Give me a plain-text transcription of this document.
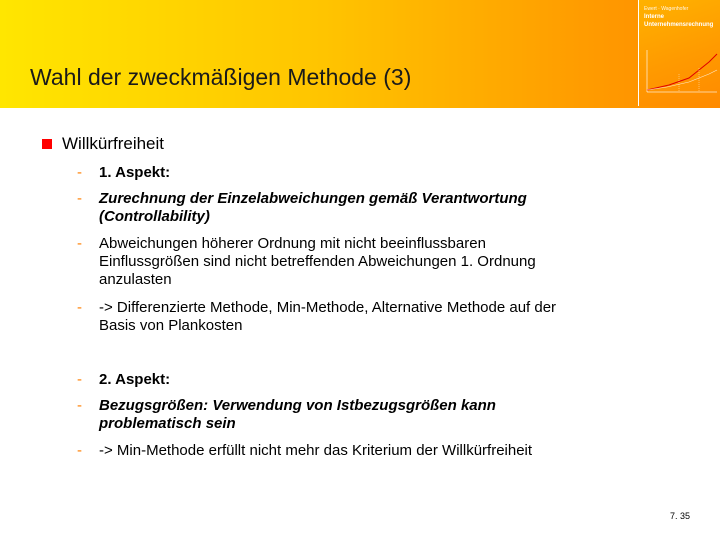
Wahl der zweckmäßigen Methode (3)
Ewert · Wagenhofer
Interne
Unternehmensrechnung
Willkürfreiheit
- 1. Aspekt:
- Zurechnung der Einzelabweichungen gemäß Verantwortung
(Controllability)
- Abweichungen höherer Ordnung mit nicht beeinflussbaren
Einflussgrößen sind nicht betreffenden Abweichungen 1. Ordnung
anzulasten
- -> Differenzierte Methode, Min-Methode, Alternative Methode auf der
Basis von Plankosten
- 2. Aspekt:
- Bezugsgrößen: Verwendung von Istbezugsgrößen kann
problematisch sein
- -> Min-Methode erfüllt nicht mehr das Kriterium der Willkürfreiheit
7. 35
